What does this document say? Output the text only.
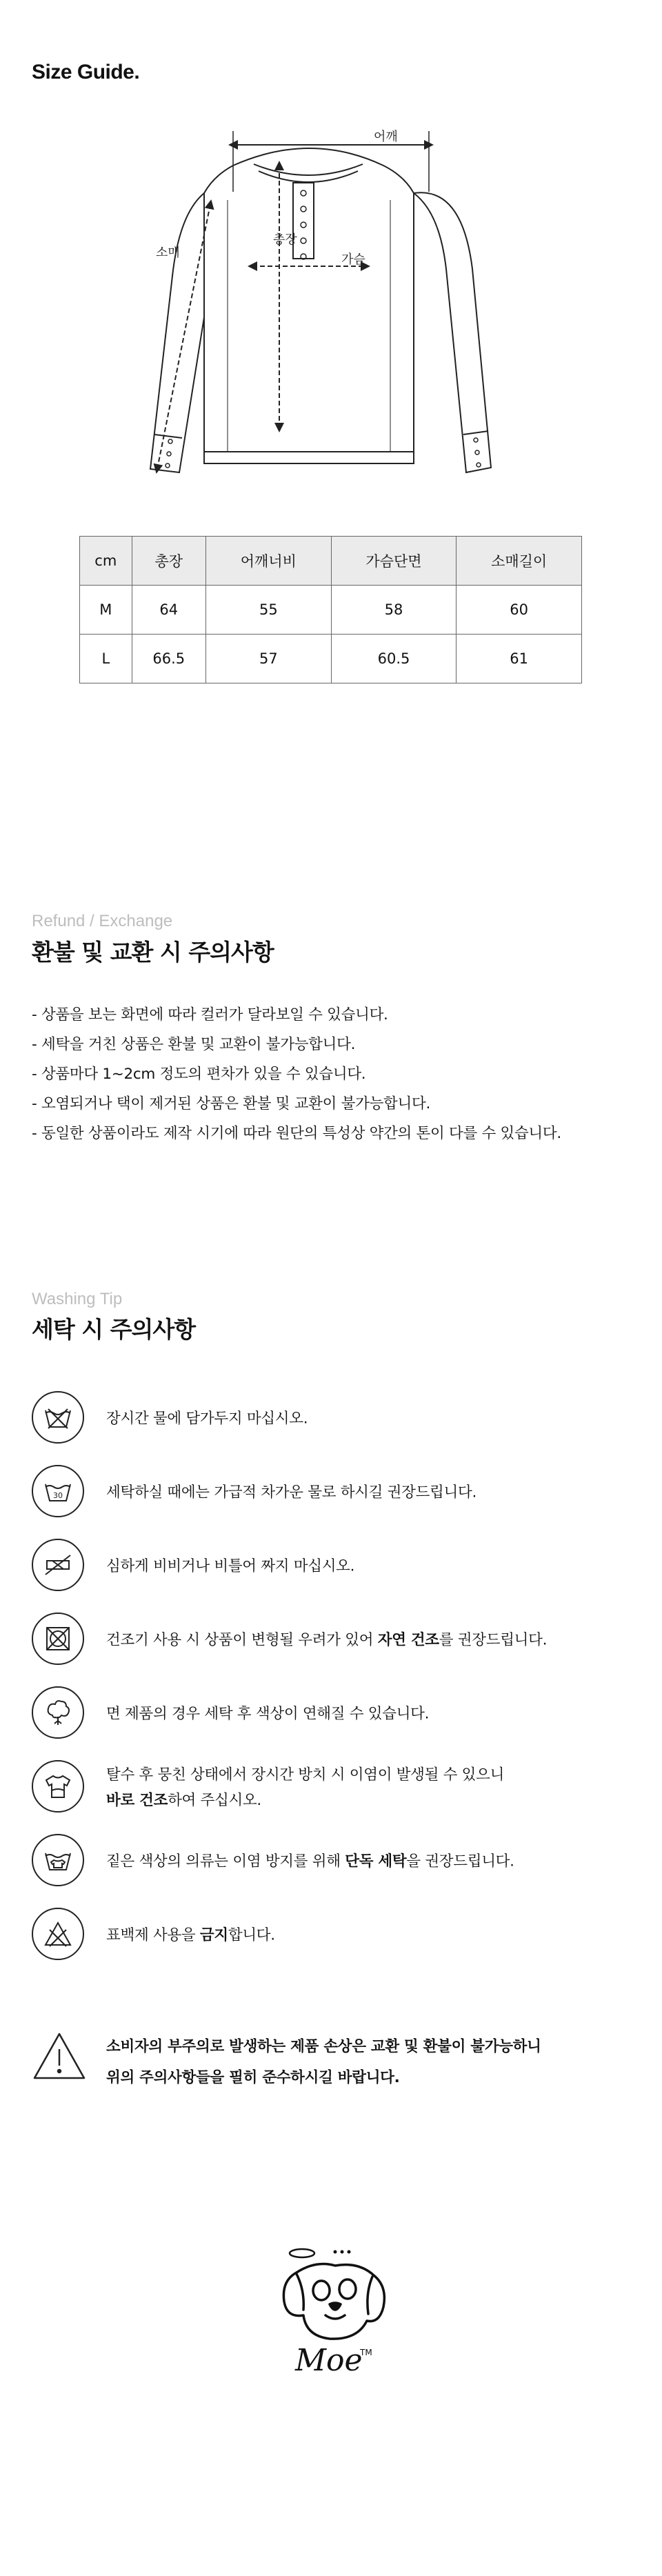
Size Guide.
어깨
총장
가슴
소매
cm	총장	어깨너비	가슴단면	소매길이
M	64	55	58	60
L	66.5	57	60.5	61
Refund / Exchange
환불 및 교환 시 주의사항
- 상품을 보는 화면에 따라 컬러가 달라보일 수 있습니다.
- 세탁을 거친 상품은 환불 및 교환이 불가능합니다.
- 상품마다 1~2cm 정도의 편차가 있을 수 있습니다.
- 오염되거나 택이 제거된 상품은 환불 및 교환이 불가능합니다.
- 동일한 상품이라도 제작 시기에 따라 원단의 특성상 약간의 톤이 다를 수 있습니다.
Washing Tip
세탁 시 주의사항
장시간 물에 담가두지 마십시오.
30	세탁하실 때에는 가급적 차가운 물로 하시길 권장드립니다.
심하게 비비거나 비틀어 짜지 마십시오.
건조기 사용 시 상품이 변형될 우려가 있어 자연 건조를 권장드립니다.
면 제품의 경우 세탁 후 색상이 연해질 수 있습니다.
탈수 후 뭉친 상태에서 장시간 방치 시 이염이 발생될 수 있으니
바로 건조하여 주십시오.
짙은 색상의 의류는 이염 방지를 위해 단독 세탁을 권장드립니다.
표백제 사용을 금지합니다.
소비자의 부주의로 발생하는 제품 손상은 교환 및 환불이 불가능하니
위의 주의사항들을 필히 준수하시길 바랍니다.
Moe
TM
